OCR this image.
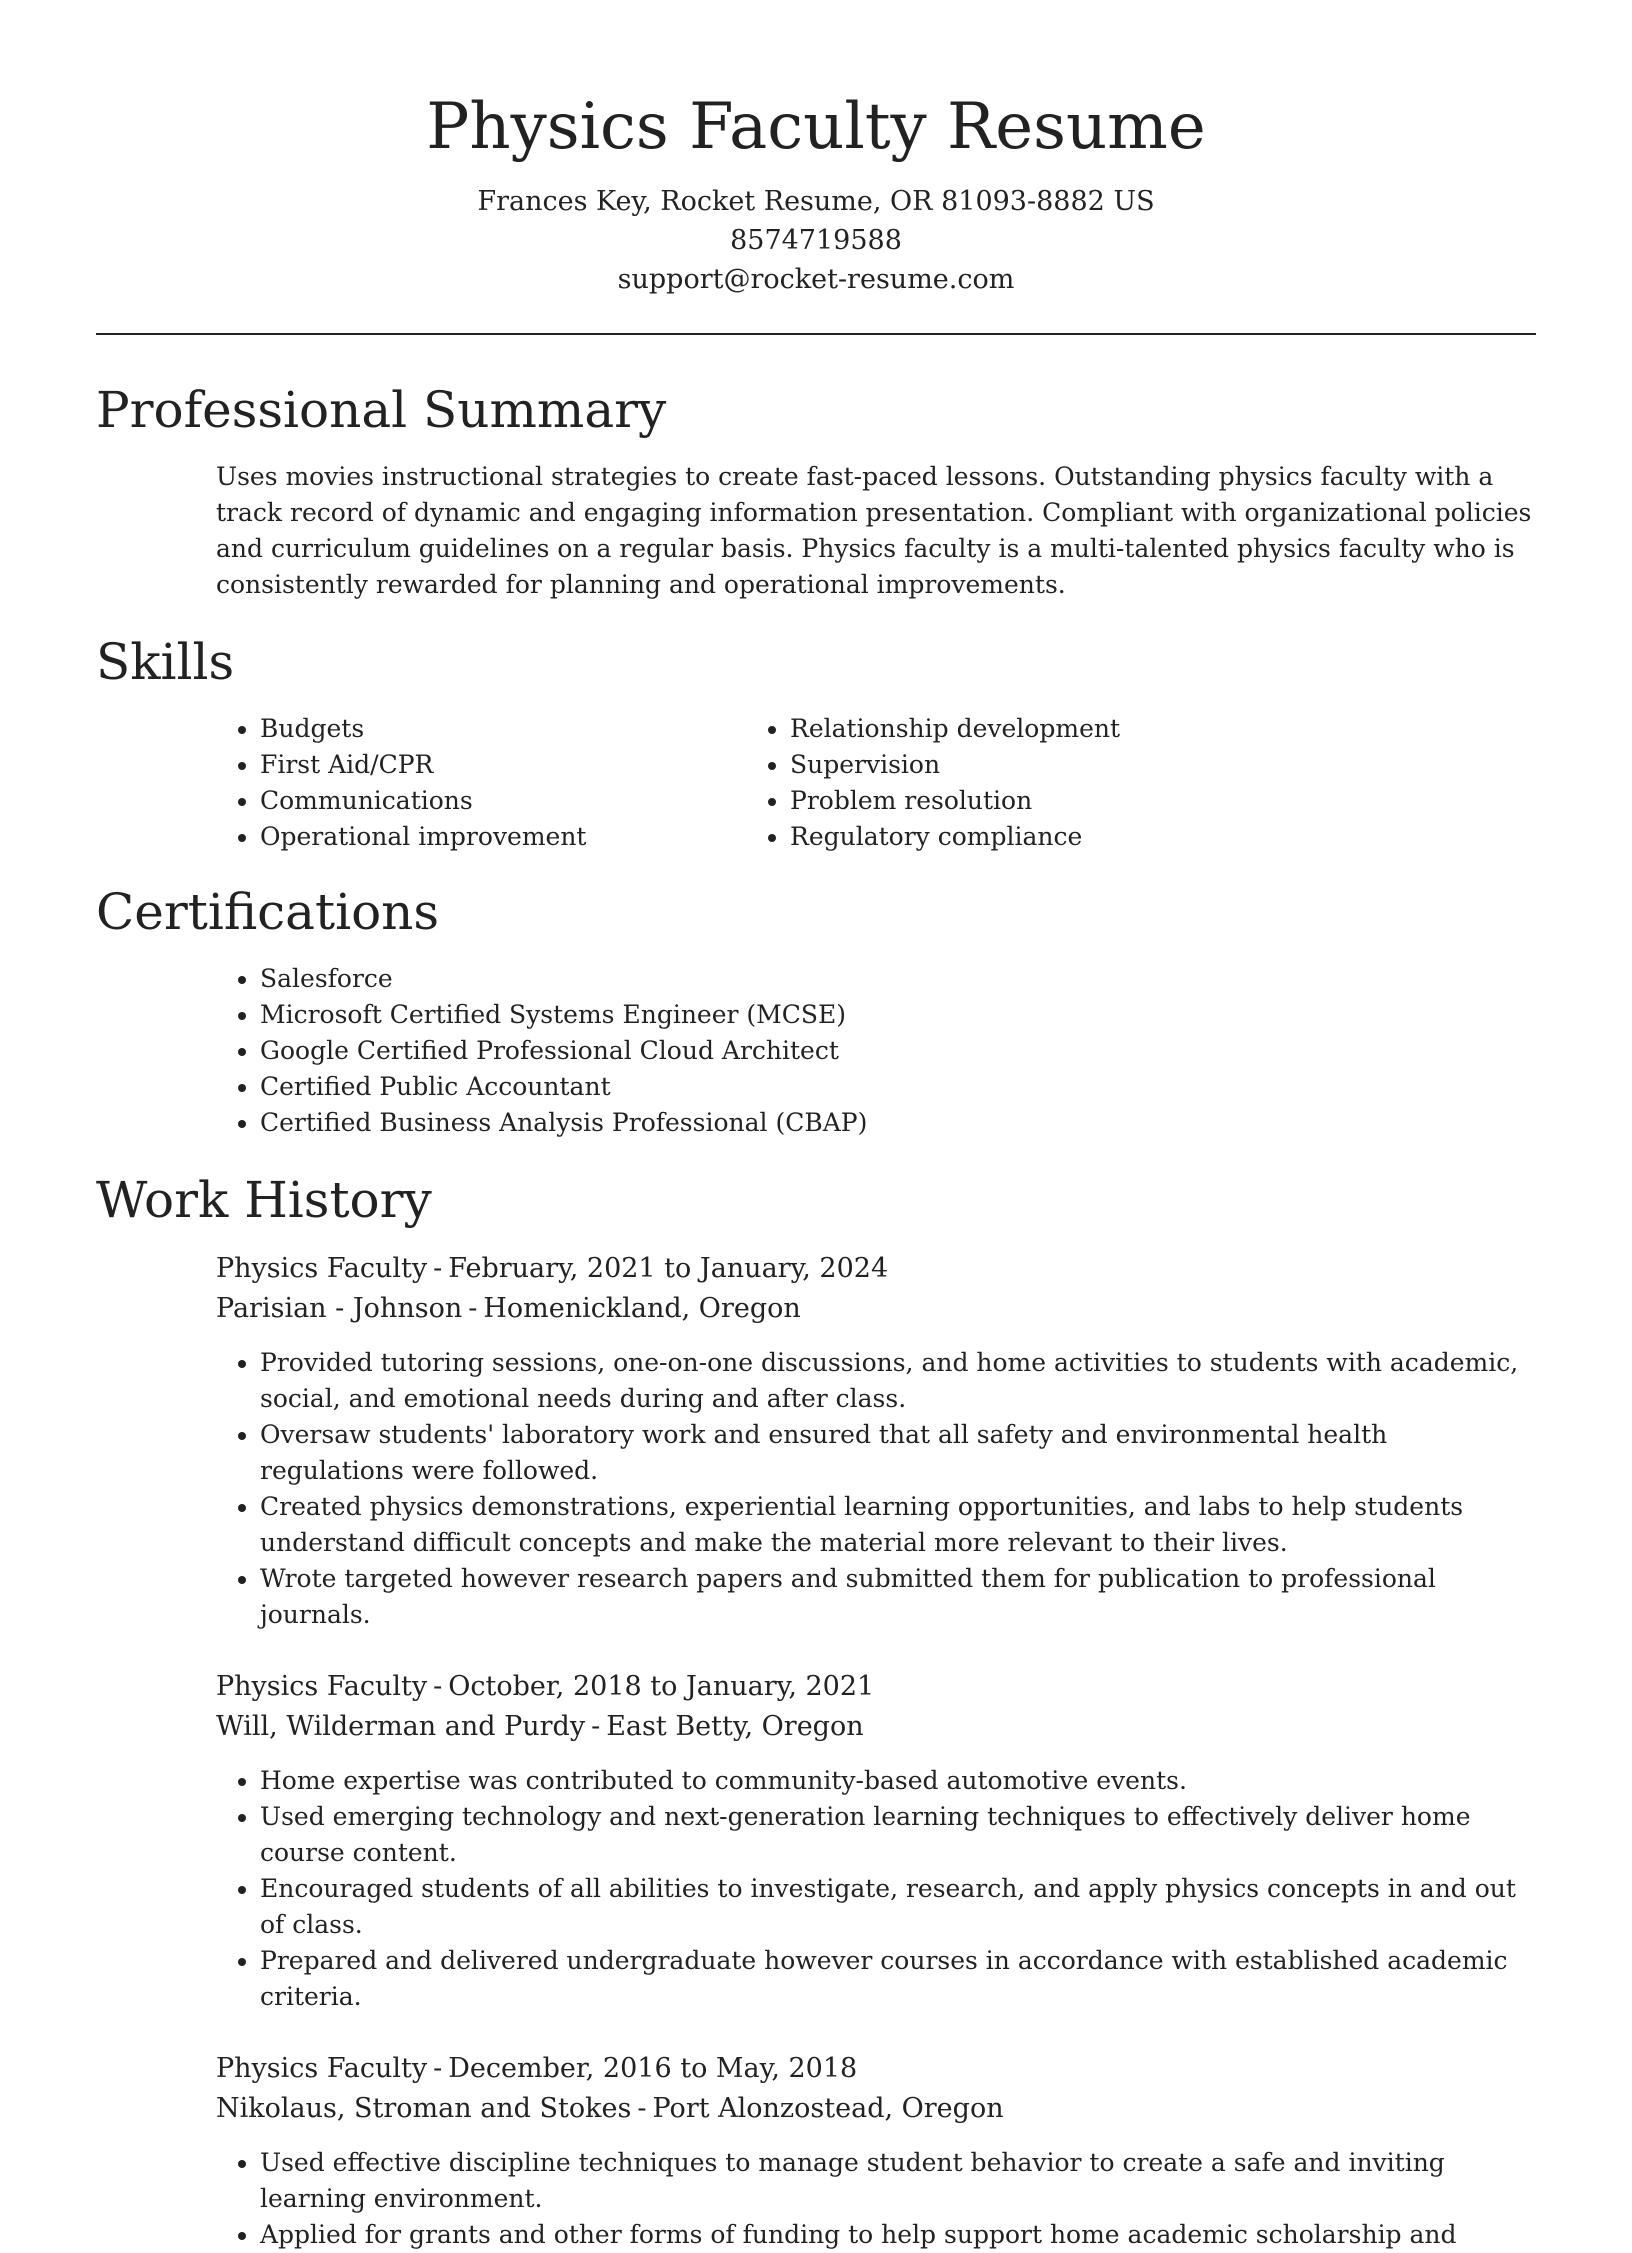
Physics Faculty Resume
Frances Key, Rocket Resume, OR 81093-8882 US
8574719588
support@rocket-resume.com
Professional Summary

Uses movies instructional strategies to create fast-paced lessons. Outstanding physics faculty with a track record of dynamic and engaging information presentation. Compliant with organizational policies and curriculum guidelines on a regular basis. Physics faculty is a multi-talented physics faculty who is consistently rewarded for planning and operational improvements.

Skills
• Budgets
• First Aid/CPR
• Communications
• Operational improvement
• Relationship development
• Supervision
• Problem resolution
• Regulatory compliance
Certifications
• Salesforce
• Microsoft Certified Systems Engineer (MCSE)
• Google Certified Professional Cloud Architect
• Certified Public Accountant
• Certified Business Analysis Professional (CBAP)
Work History
Physics Faculty - February, 2021 to January, 2024
Parisian - Johnson - Homenickland, Oregon
• Provided tutoring sessions, one-on-one discussions, and home activities to students with academic, social, and emotional needs during and after class.
• Oversaw students' laboratory work and ensured that all safety and environmental health regulations were followed.
• Created physics demonstrations, experiential learning opportunities, and labs to help students understand difficult concepts and make the material more relevant to their lives.
• Wrote targeted however research papers and submitted them for publication to professional journals.
Physics Faculty - October, 2018 to January, 2021
Will, Wilderman and Purdy - East Betty, Oregon
• Home expertise was contributed to community-based automotive events.
• Used emerging technology and next-generation learning techniques to effectively deliver home course content.
• Encouraged students of all abilities to investigate, research, and apply physics concepts in and out of class.
• Prepared and delivered undergraduate however courses in accordance with established academic criteria.
Physics Faculty - December, 2016 to May, 2018
Nikolaus, Stroman and Stokes - Port Alonzostead, Oregon
• Used effective discipline techniques to manage student behavior to create a safe and inviting learning environment.
• Applied for grants and other forms of funding to help support home academic scholarship and
